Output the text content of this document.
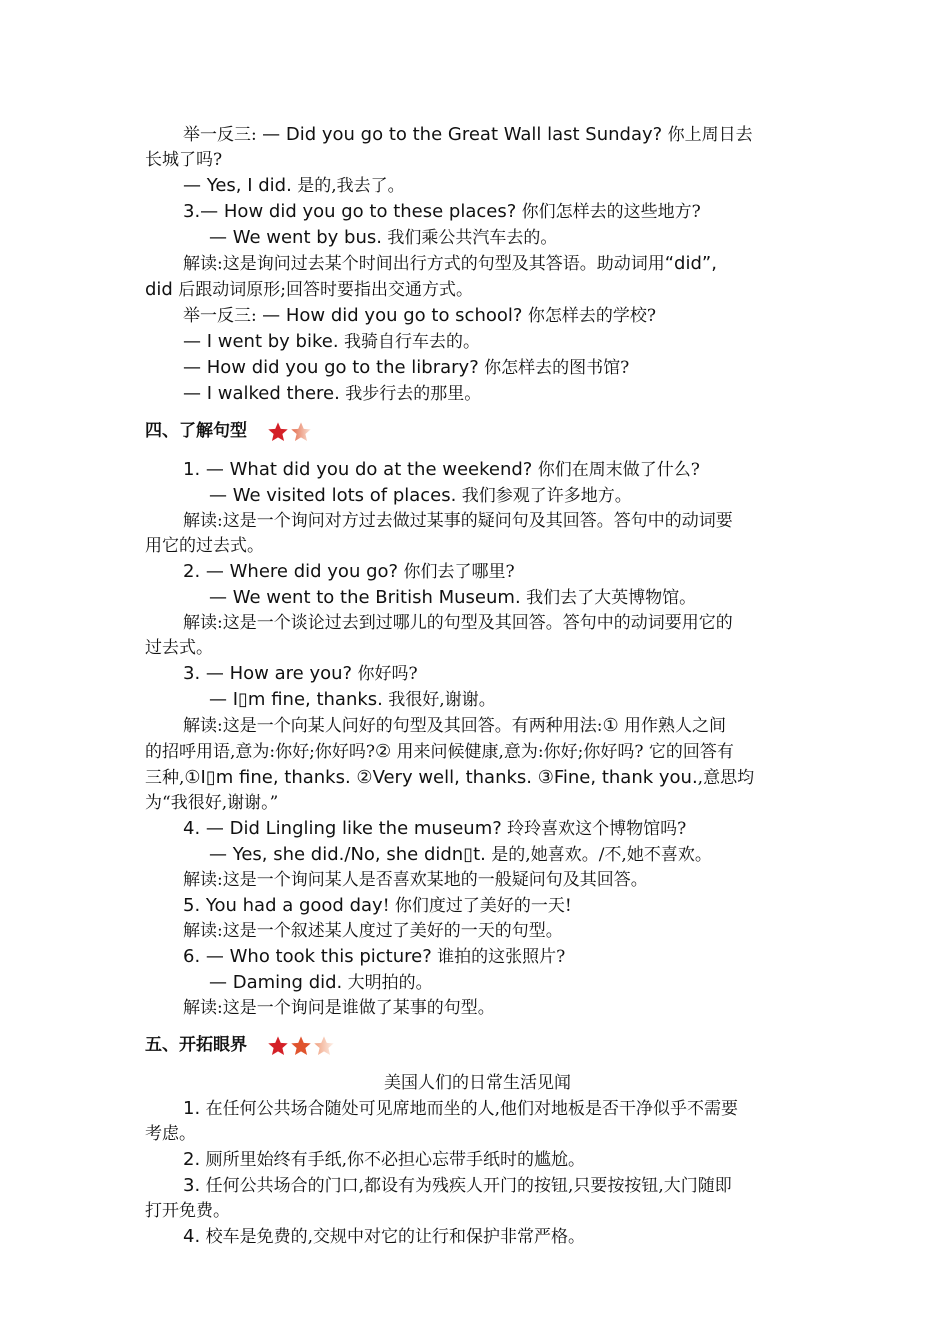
举一反三: — Did you go to the Great Wall last Sunday? 你上周日去
长城了吗?
— Yes, I did. 是的,我去了。
3.— How did you go to these places? 你们怎样去的这些地方?
— We went by bus. 我们乘公共汽车去的。
解读:这是询问过去某个时间出行方式的句型及其答语。助动词用“did”,
did 后跟动词原形;回答时要指出交通方式。
举一反三: — How did you go to school? 你怎样去的学校?
— I went by bike. 我骑自行车去的。
— How did you go to the library? 你怎样去的图书馆?
— I walked there. 我步行去的那里。
四、了解句型
1. — What did you do at the weekend? 你们在周末做了什么?
— We visited lots of places. 我们参观了许多地方。
解读:这是一个询问对方过去做过某事的疑问句及其回答。答句中的动词要
用它的过去式。
2. — Where did you go? 你们去了哪里?
— We went to the British Museum. 我们去了大英博物馆。
解读:这是一个谈论过去到过哪儿的句型及其回答。答句中的动词要用它的
过去式。
3. — How are you? 你好吗?
— I▯m fine, thanks. 我很好,谢谢。
解读:这是一个向某人问好的句型及其回答。有两种用法:① 用作熟人之间
的招呼用语,意为:你好;你好吗?② 用来问候健康,意为:你好;你好吗? 它的回答有
三种,①I▯m fine, thanks. ②Very well, thanks. ③Fine, thank you.,意思均
为“我很好,谢谢。”
4. — Did Lingling like the museum? 玲玲喜欢这个博物馆吗?
— Yes, she did./No, she didn▯t. 是的,她喜欢。/不,她不喜欢。
解读:这是一个询问某人是否喜欢某地的一般疑问句及其回答。
5. You had a good day! 你们度过了美好的一天!
解读:这是一个叙述某人度过了美好的一天的句型。
6. — Who took this picture? 谁拍的这张照片?
— Daming did. 大明拍的。
解读:这是一个询问是谁做了某事的句型。
五、开拓眼界
美国人们的日常生活见闻
1. 在任何公共场合随处可见席地而坐的人,他们对地板是否干净似乎不需要
考虑。
2. 厕所里始终有手纸,你不必担心忘带手纸时的尴尬。
3. 任何公共场合的门口,都设有为残疾人开门的按钮,只要按按钮,大门随即
打开免费。
4. 校车是免费的,交规中对它的让行和保护非常严格。
